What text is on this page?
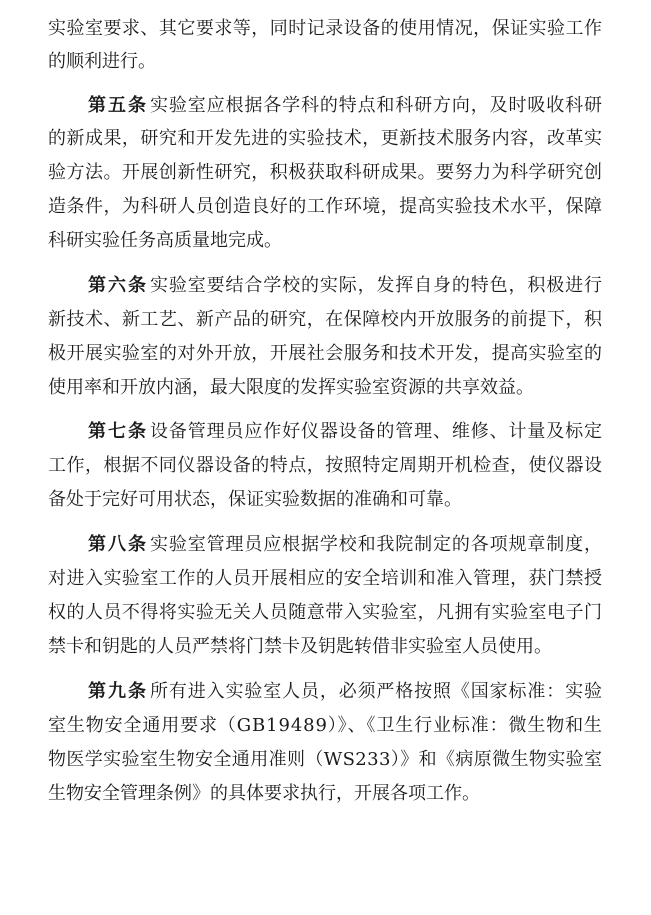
实验室要求、其它要求等，同时记录设备的使用情况，保证实验工作
的顺利进行。
第五条 实验室应根据各学科的特点和科研方向，及时吸收科研
的新成果，研究和开发先进的实验技术，更新技术服务内容，改革实
验方法。开展创新性研究，积极获取科研成果。要努力为科学研究创
造条件，为科研人员创造良好的工作环境，提高实验技术水平，保障
科研实验任务高质量地完成。
第六条 实验室要结合学校的实际，发挥自身的特色，积极进行
新技术、新工艺、新产品的研究，在保障校内开放服务的前提下，积
极开展实验室的对外开放，开展社会服务和技术开发，提高实验室的
使用率和开放内涵，最大限度的发挥实验室资源的共享效益。
第七条 设备管理员应作好仪器设备的管理、维修、计量及标定
工作，根据不同仪器设备的特点，按照特定周期开机检查，使仪器设
备处于完好可用状态，保证实验数据的准确和可靠。
第八条 实验室管理员应根据学校和我院制定的各项规章制度，
对进入实验室工作的人员开展相应的安全培训和准入管理，获门禁授
权的人员不得将实验无关人员随意带入实验室，凡拥有实验室电子门
禁卡和钥匙的人员严禁将门禁卡及钥匙转借非实验室人员使用。
第九条 所有进入实验室人员，必须严格按照《国家标准：实验
室生物安全通用要求（GB19489）》、《卫生行业标准：微生物和生
物医学实验室生物安全通用准则（WS233）》和《病原微生物实验室
生物安全管理条例》的具体要求执行，开展各项工作。
